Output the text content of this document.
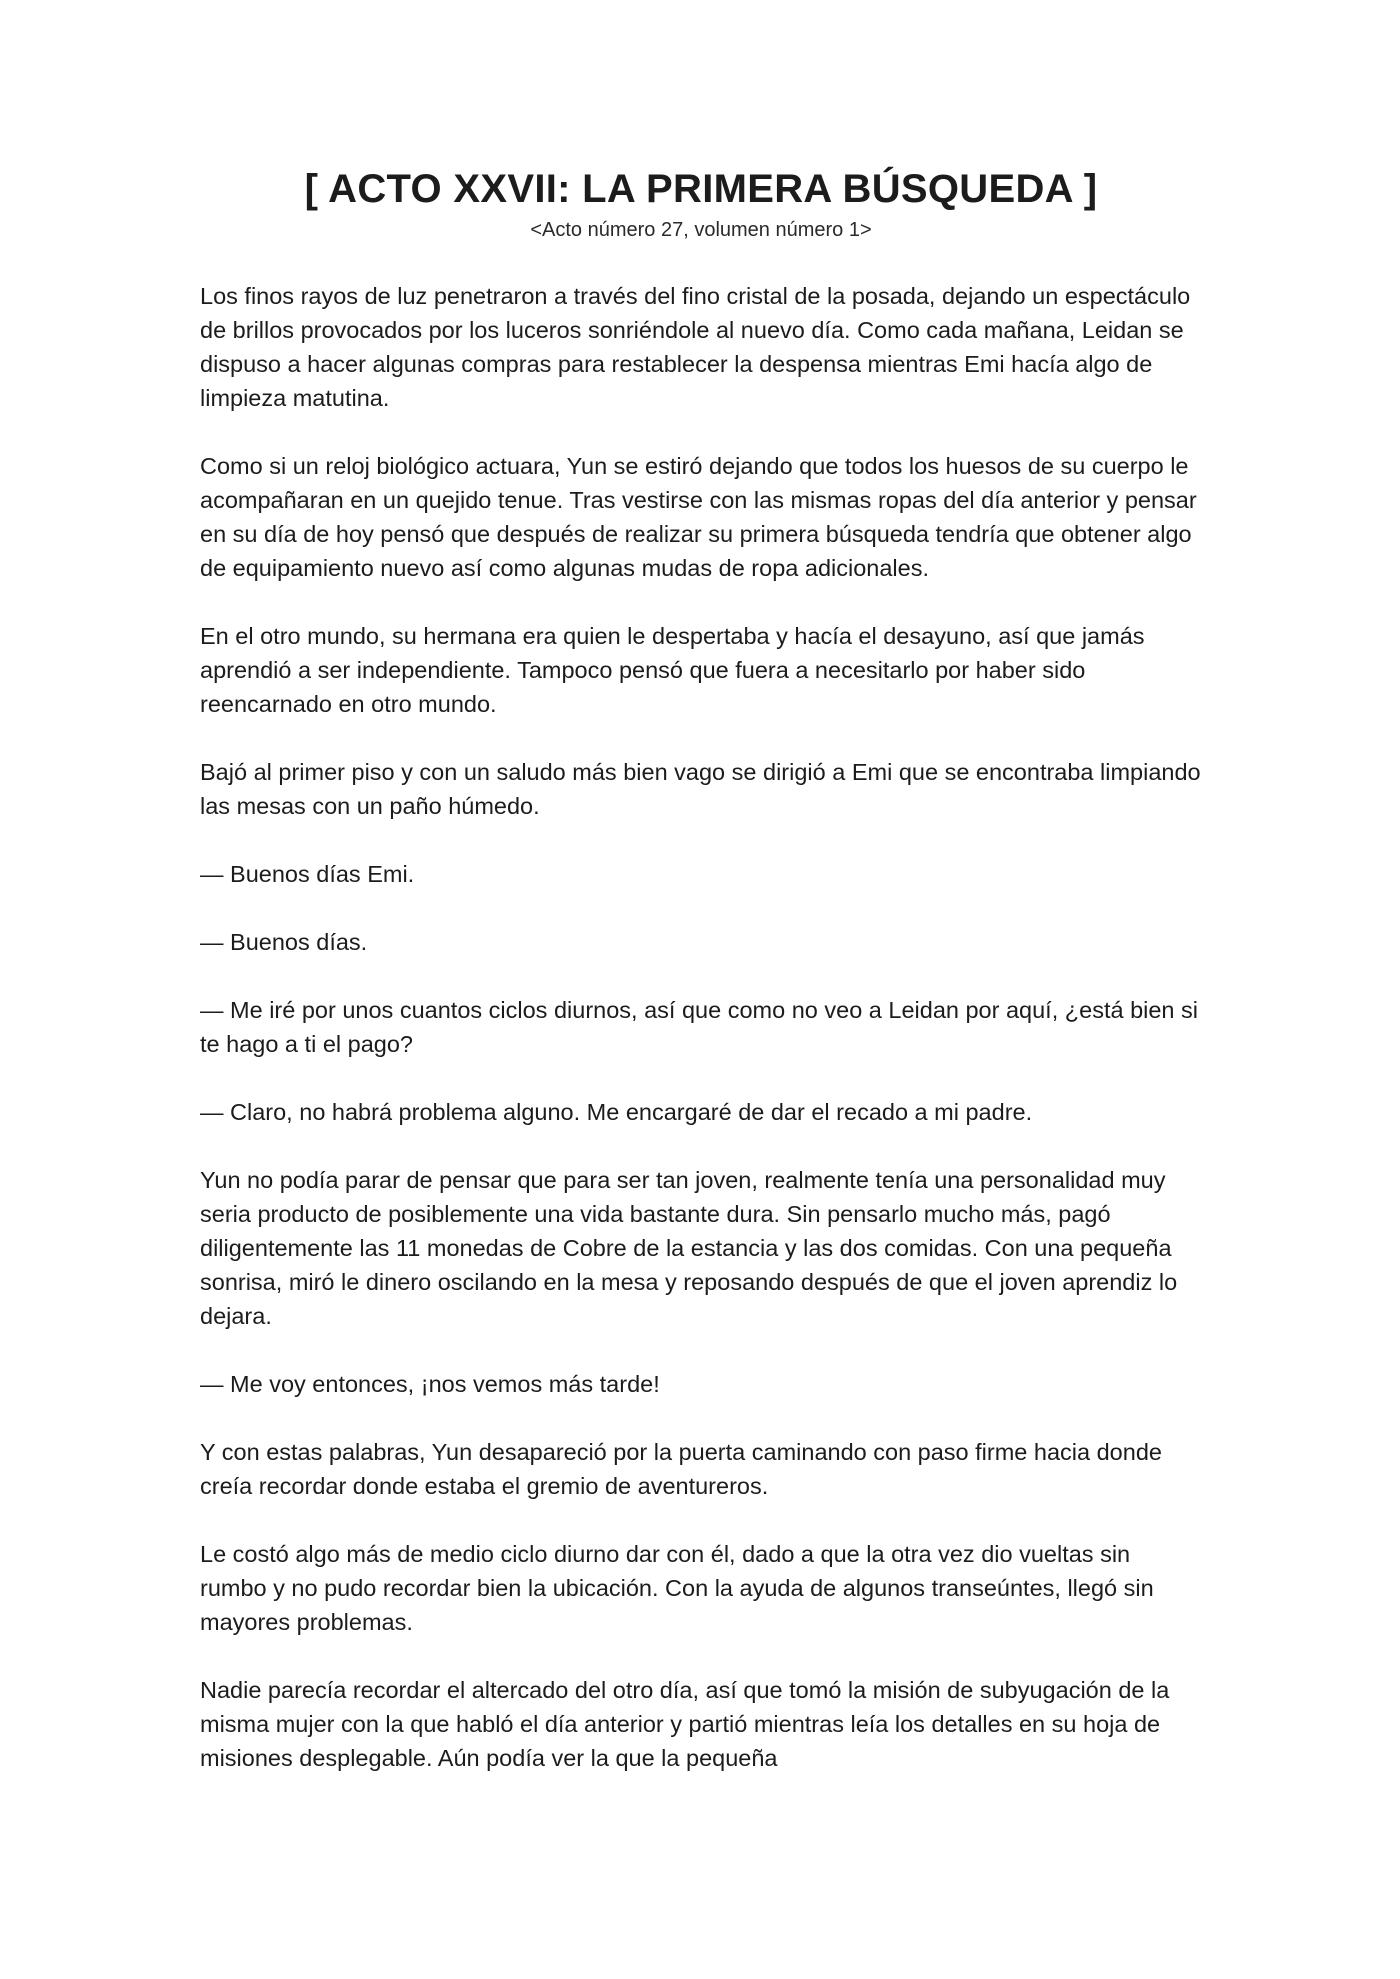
[ ACTO XXVII: LA PRIMERA BÚSQUEDA ]

<Acto número 27, volumen número 1>

Los finos rayos de luz penetraron a través del fino cristal de la posada, dejando un espectáculo de brillos provocados por los luceros sonriéndole al nuevo día. Como cada mañana, Leidan se dispuso a hacer algunas compras para restablecer la despensa mientras Emi hacía algo de limpieza matutina.

Como si un reloj biológico actuara, Yun se estiró dejando que todos los huesos de su cuerpo le acompañaran en un quejido tenue. Tras vestirse con las mismas ropas del día anterior y pensar en su día de hoy pensó que después de realizar su primera búsqueda tendría que obtener algo de equipamiento nuevo así como algunas mudas de ropa adicionales.

En el otro mundo, su hermana era quien le despertaba y hacía el desayuno, así que jamás aprendió a ser independiente. Tampoco pensó que fuera a necesitarlo por haber sido reencarnado en otro mundo.

Bajó al primer piso y con un saludo más bien vago se dirigió a Emi que se encontraba limpiando las mesas con un paño húmedo.

— Buenos días Emi.

— Buenos días.

— Me iré por unos cuantos ciclos diurnos, así que como no veo a Leidan por aquí, ¿está bien si te hago a ti el pago?

— Claro, no habrá problema alguno. Me encargaré de dar el recado a mi padre.

Yun no podía parar de pensar que para ser tan joven, realmente tenía una personalidad muy seria producto de posiblemente una vida bastante dura. Sin pensarlo mucho más, pagó diligentemente las 11 monedas de Cobre de la estancia y las dos comidas. Con una pequeña sonrisa, miró le dinero oscilando en la mesa y reposando después de que el joven aprendiz lo dejara.

— Me voy entonces, ¡nos vemos más tarde!

Y con estas palabras, Yun desapareció por la puerta caminando con paso firme hacia donde creía recordar donde estaba el gremio de aventureros.

Le costó algo más de medio ciclo diurno dar con él, dado a que la otra vez dio vueltas sin rumbo y no pudo recordar bien la ubicación. Con la ayuda de algunos transeúntes, llegó sin mayores problemas.

Nadie parecía recordar el altercado del otro día, así que tomó la misión de subyugación de la misma mujer con la que habló el día anterior y partió mientras leía los detalles en su hoja de misiones desplegable. Aún podía ver la que la pequeña
